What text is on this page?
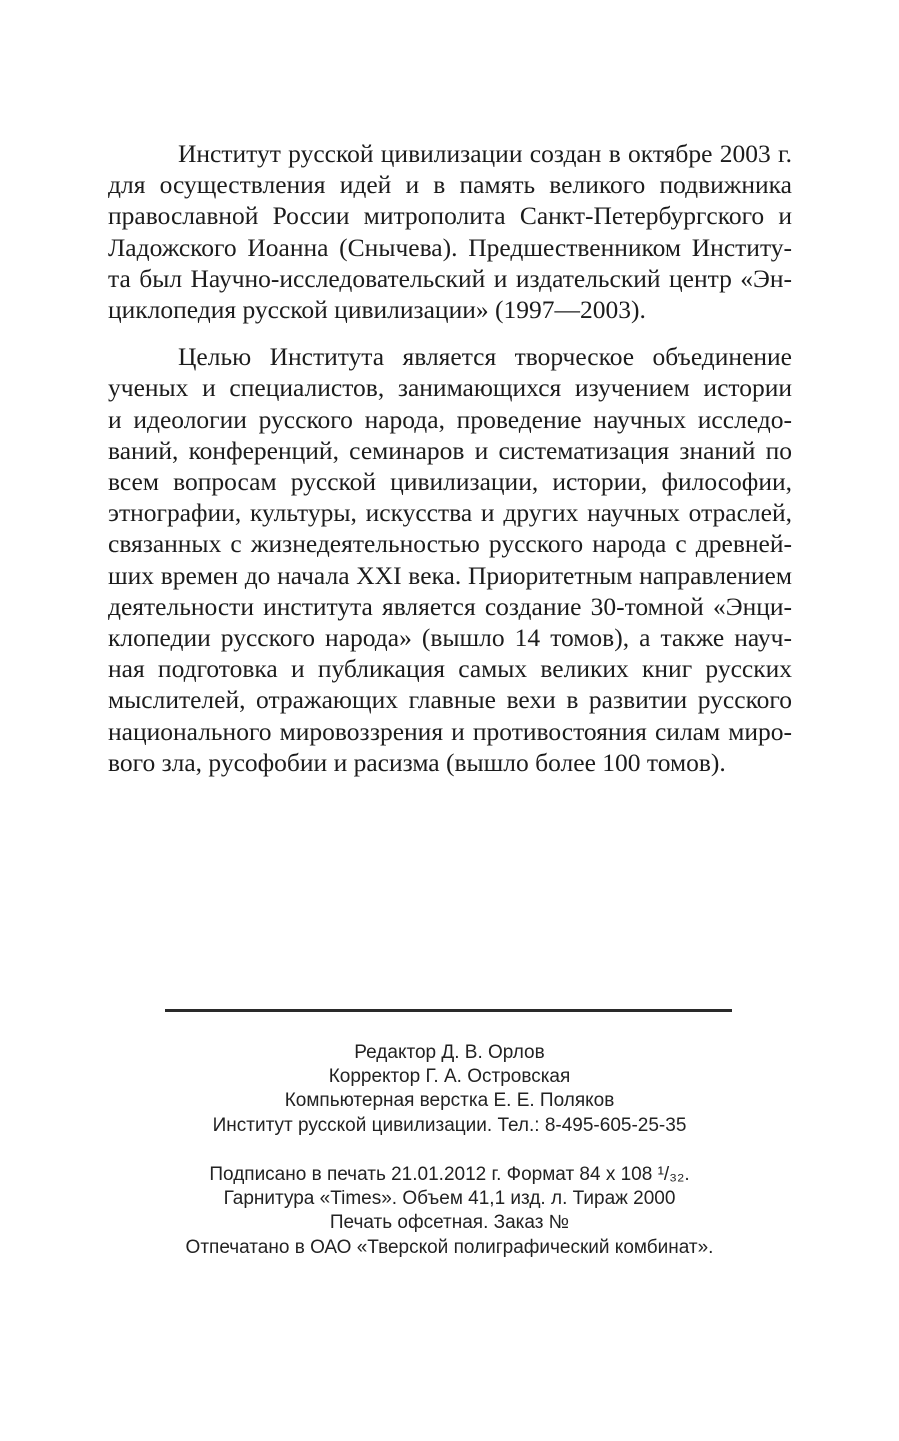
Институт русской цивилизации создан в октябре 2003 г.
для осуществления идей и в память великого подвижника
православной России митрополита Санкт-Петербургского и
Ладожского Иоанна (Снычева). Предшественником Институ-
та был Научно-исследовательский и издательский центр «Эн-
циклопедия русской цивилизации» (1997—2003).
Целью Института является творческое объединение
ученых и специалистов, занимающихся изучением истории
и идеологии русского народа, проведение научных исследо-
ваний, конференций, семинаров и систематизация знаний по
всем вопросам русской цивилизации, истории, философии,
этнографии, культуры, искусства и других научных отраслей,
связанных с жизнедеятельностью русского народа с древней-
ших времен до начала XXI века. Приоритетным направлением
деятельности института является создание 30-томной «Энци-
клопедии русского народа» (вышло 14 томов), а также науч-
ная подготовка и публикация самых великих книг русских
мыслителей, отражающих главные вехи в развитии русского
национального мировоззрения и противостояния силам миро-
вого зла, русофобии и расизма (вышло более 100 томов).
Редактор Д. В. Орлов
Корректор Г. А. Островская
Компьютерная верстка Е. Е. Поляков
Институт русской цивилизации. Тел.: 8-495-605-25-35
Подписано в печать 21.01.2012 г. Формат 84 х 108 ¹/₃₂.
Гарнитура «Times». Объем 41,1 изд. л. Тираж 2000
Печать офсетная. Заказ №
Отпечатано в ОАО «Тверской полиграфический комбинат».
